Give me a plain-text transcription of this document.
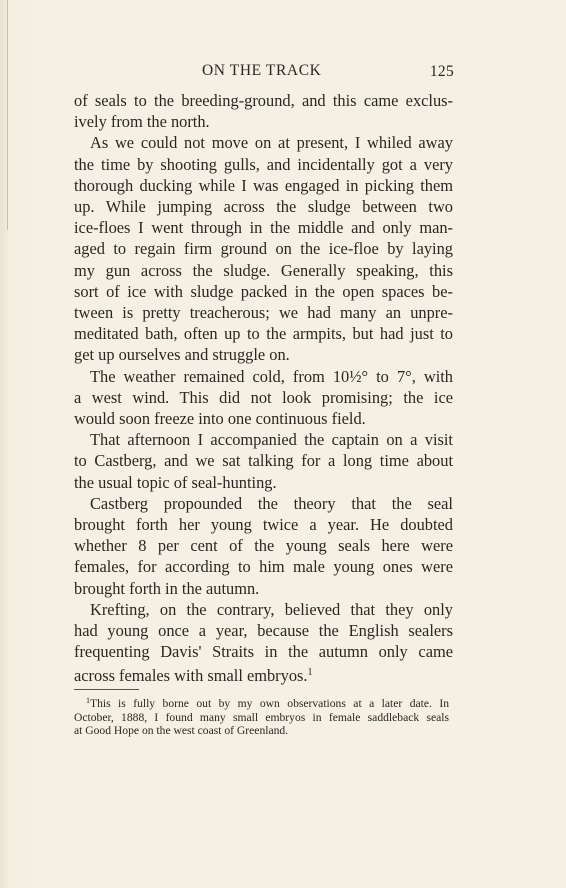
ON THE TRACK	125
of seals to the breeding-ground, and this came exclus-
ively from the north.
As we could not move on at present, I whiled away
the time by shooting gulls, and incidentally got a very
thorough ducking while I was engaged in picking them
up. While jumping across the sludge between two
ice-floes I went through in the middle and only man-
aged to regain firm ground on the ice-floe by laying
my gun across the sludge. Generally speaking, this
sort of ice with sludge packed in the open spaces be-
tween is pretty treacherous; we had many an unpre-
meditated bath, often up to the armpits, but had just to
get up ourselves and struggle on.
The weather remained cold, from 10½° to 7°, with
a west wind. This did not look promising; the ice
would soon freeze into one continuous field.
That afternoon I accompanied the captain on a visit
to Castberg, and we sat talking for a long time about
the usual topic of seal-hunting.
Castberg propounded the theory that the seal
brought forth her young twice a year. He doubted
whether 8 per cent of the young seals here were
females, for according to him male young ones were
brought forth in the autumn.
Krefting, on the contrary, believed that they only
had young once a year, because the English sealers
frequenting Davis' Straits in the autumn only came
across females with small embryos.$^1$
$^1$This is fully borne out by my own observations at a later date. In
October, 1888, I found many small embryos in female saddleback seals
at Good Hope on the west coast of Greenland.
